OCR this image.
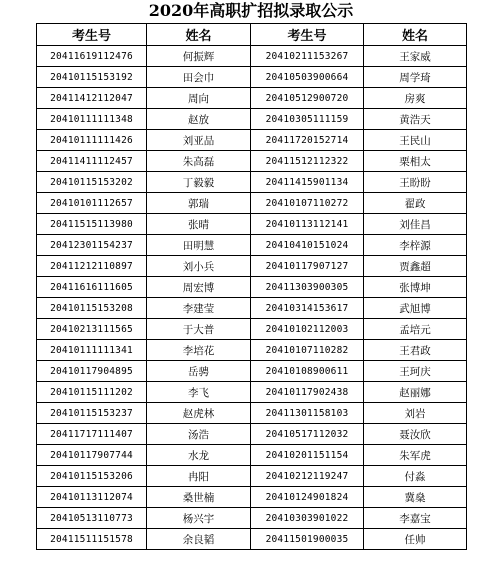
2020年高职扩招拟录取公示
考生号	姓名	考生号	姓名
20411619112476	何振辉	20410211153267	王家威
20410115153192	田会巾	20410503900664	周学琦
20411412112047	周向	20410512900720	房爽
20410111111348	赵放	20410305111159	黄浩天
20410111111426	刘亚品	20411720152714	王民山
20411411112457	朱高磊	20411512112322	栗相太
20410115153202	丁毅毅	20411415901134	王盼盼
20410101112657	郭瑞	20410107110272	翟政
20411515113980	张晴	20410113112141	刘佳昌
20412301154237	田明慧	20410410151024	李梓源
20411212110897	刘小兵	20410117907127	贾鑫超
20411616111605	周宏博	20411303900305	张博坤
20410115153208	李建莹	20410314153617	武旭博
20410213111565	于大普	20410102112003	孟培元
20410111111341	李培花	20410107110282	王君政
20410117904895	岳骋	20410108900611	王珂庆
20410115111202	李飞	20410117902438	赵丽娜
20410115153237	赵虎林	20411301158103	刘岩
20411717111407	汤浩	20410517112032	聂汝欣
20410117907744	水龙	20410201151154	朱军虎
20410115153206	冉阳	20410212119247	付淼
20410113112074	桑世楠	20410124901824	冀燊
20410513110773	杨兴宇	20410303901022	李嘉宝
20411511151578	余良韬	20411501900035	任帅
